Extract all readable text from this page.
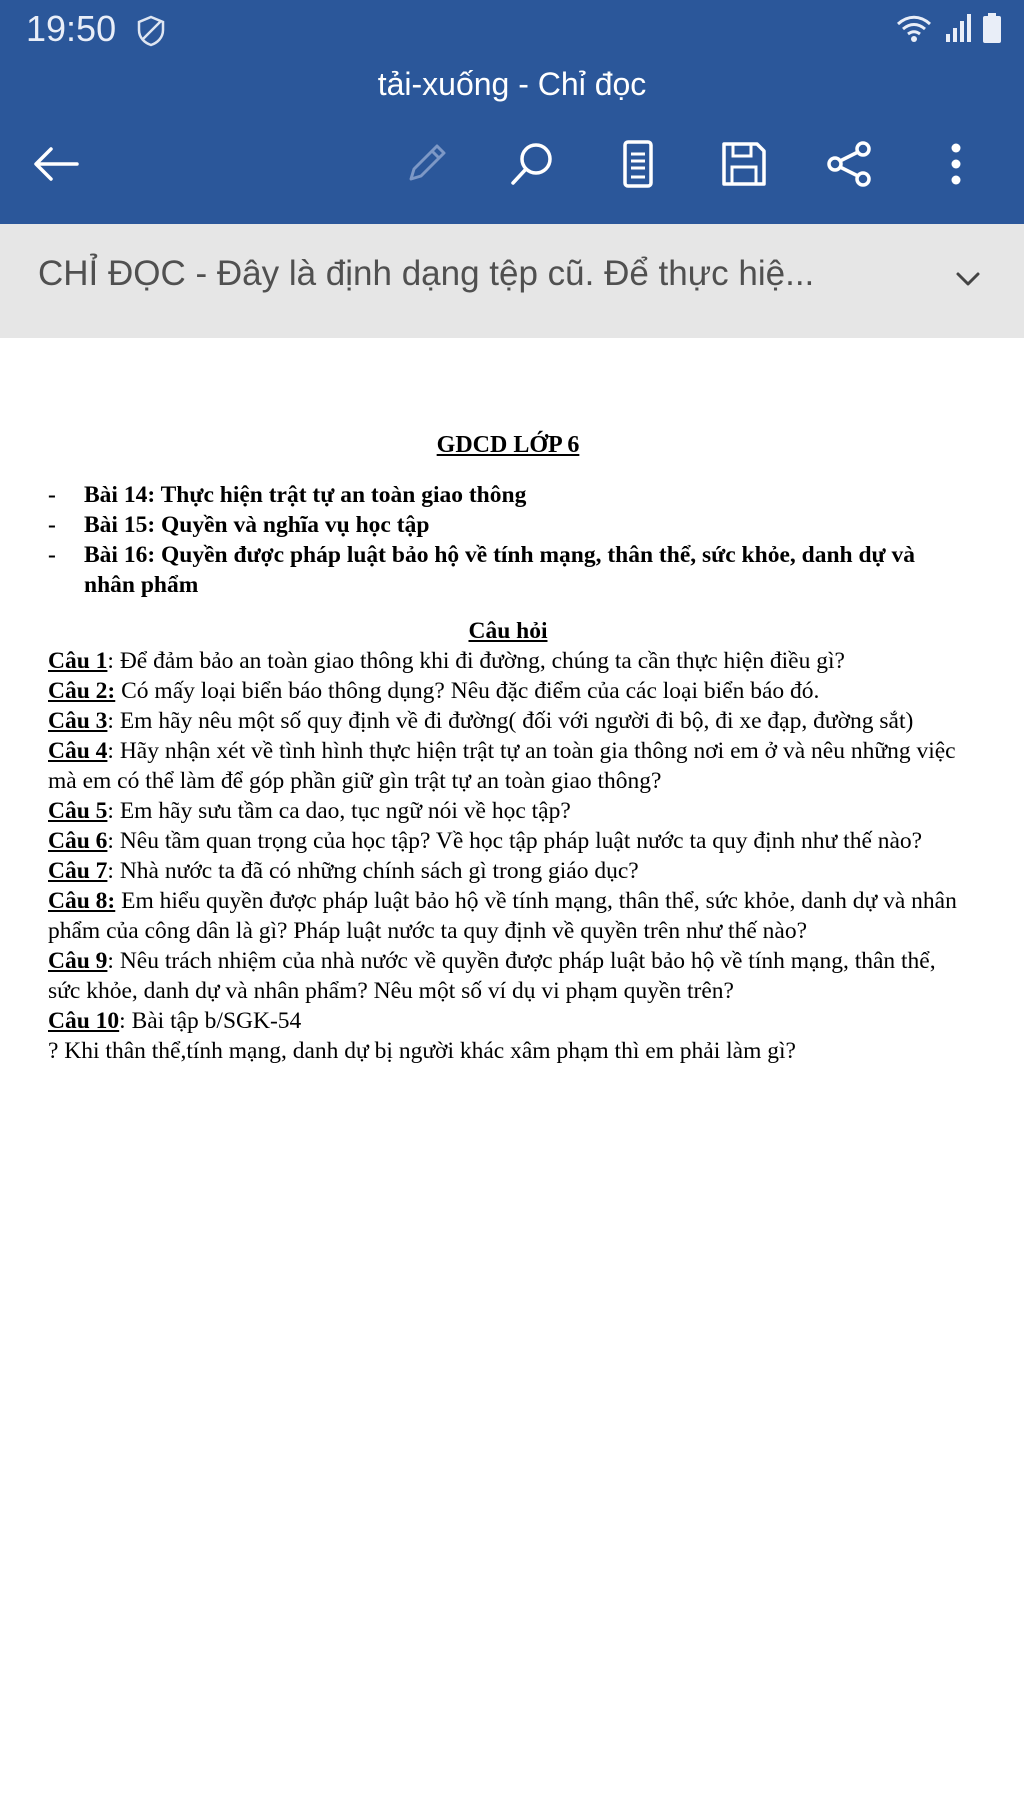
19:50
tải-xuống - Chỉ đọc
CHỈ ĐỌC - Đây là định dạng tệp cũ. Để thực hiệ...
GDCD LỚP 6
-	Bài 14: Thực hiện trật tự an toàn giao thông
-	Bài 15: Quyền và nghĩa vụ học tập
-	Bài 16: Quyền được pháp luật bảo hộ về tính mạng, thân thể, sức khỏe, danh dự và nhân phẩm
Câu hỏi
Câu 1: Để đảm bảo an toàn giao thông khi đi đường, chúng ta cần thực hiện điều gì?
Câu 2: Có mấy loại biển báo thông dụng? Nêu đặc điểm của các loại biển báo đó.
Câu 3: Em hãy nêu một số quy định về đi đường( đối với người đi bộ, đi xe đạp, đường sắt)
Câu 4: Hãy nhận xét về tình hình thực hiện trật tự an toàn gia thông nơi em ở và nêu những việc mà em có thể làm để góp phần giữ gìn trật tự an toàn giao thông?
Câu 5: Em hãy sưu tầm ca dao, tục ngữ nói về học tập?
Câu 6: Nêu tầm quan trọng của học tập? Về học tập pháp luật nước ta quy định như thế nào?
Câu 7: Nhà nước ta đã có những chính sách gì trong giáo dục?
Câu 8: Em hiểu quyền được pháp luật bảo hộ về tính mạng, thân thể, sức khỏe, danh dự và nhân phẩm của công dân là gì? Pháp luật nước ta quy định về quyền trên như thế nào?
Câu 9: Nêu trách nhiệm của nhà nước về quyền được pháp luật bảo hộ về tính mạng, thân thể, sức khỏe, danh dự và nhân phẩm? Nêu một số ví dụ vi phạm quyền trên?
Câu 10: Bài tập b/SGK-54
? Khi thân thể,tính mạng, danh dự bị người khác xâm phạm thì em phải làm gì?
